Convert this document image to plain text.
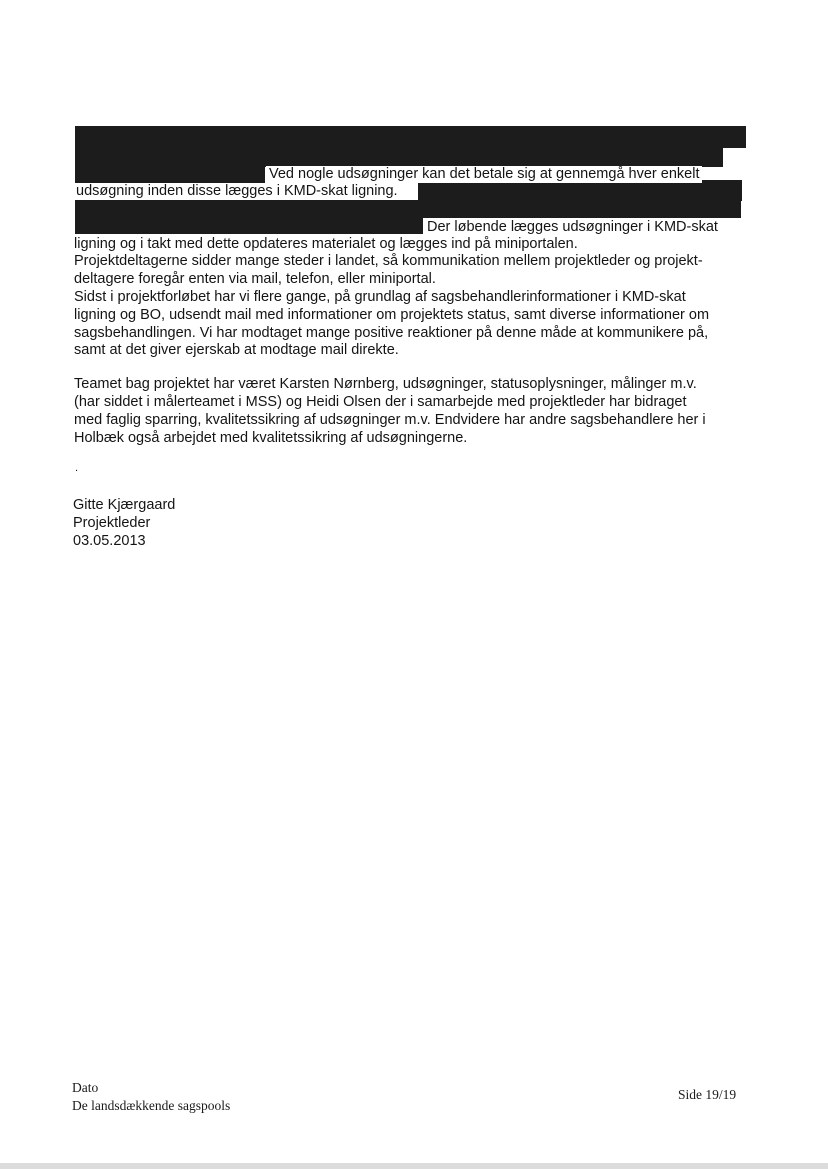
Ved nogle udsøgninger kan det betale sig at gennemgå hver enkelt
udsøgning inden disse lægges i KMD-skat ligning.
Der løbende lægges udsøgninger i KMD-skat
ligning og i takt med dette opdateres materialet og lægges ind på miniportalen.
Projektdeltagerne sidder mange steder i landet, så kommunikation mellem projektleder og projekt-
deltagere foregår enten via mail, telefon, eller miniportal.
Sidst i projektforløbet har vi flere gange, på grundlag af sagsbehandlerinformationer i KMD-skat
ligning og BO, udsendt mail med informationer om projektets status, samt diverse informationer om
sagsbehandlingen. Vi har modtaget mange positive reaktioner på denne måde at kommunikere på,
samt at det giver ejerskab at modtage mail direkte.
Teamet bag projektet har været Karsten Nørnberg, udsøgninger, statusoplysninger, målinger m.v.
(har siddet i målerteamet i MSS) og Heidi Olsen der i samarbejde med projektleder har bidraget
med faglig sparring, kvalitetssikring af udsøgninger m.v. Endvidere har andre sagsbehandlere her i
Holbæk også arbejdet med kvalitetssikring af udsøgningerne.
.
Gitte Kjærgaard
Projektleder
03.05.2013
Dato
De landsdækkende sagspools
Side 19/19
